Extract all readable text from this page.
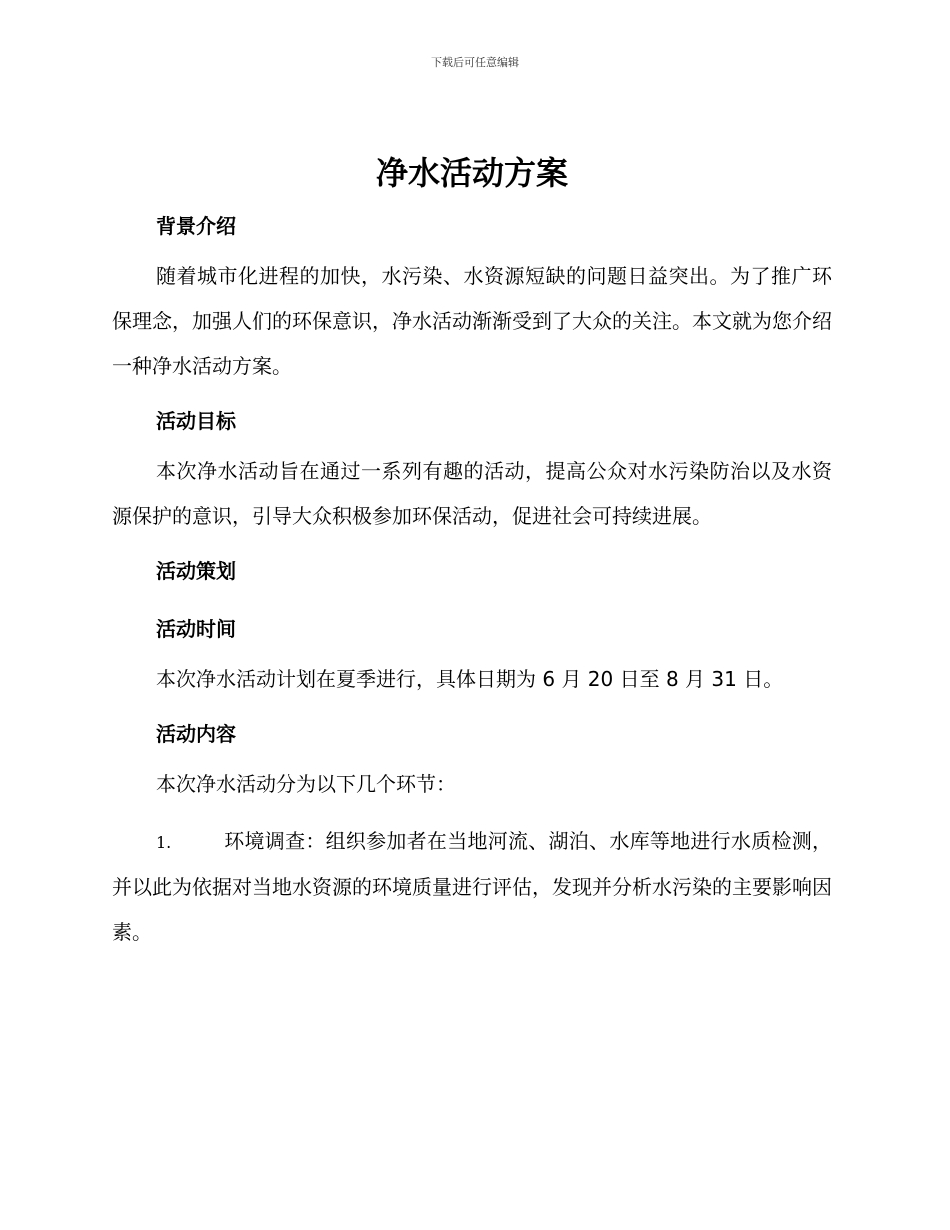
下载后可任意编辑
净水活动方案
背景介绍

随着城市化进程的加快，水污染、水资源短缺的问题日益突出。为了推广环保理念，加强人们的环保意识，净水活动渐渐受到了大众的关注。本文就为您介绍一种净水活动方案。

活动目标

本次净水活动旨在通过一系列有趣的活动，提高公众对水污染防治以及水资源保护的意识，引导大众积极参加环保活动，促进社会可持续进展。

活动策划
活动时间

本次净水活动计划在夏季进行，具体日期为 6 月 20 日至 8 月 31 日。

活动内容

本次净水活动分为以下几个环节：

1.	环境调查：组织参加者在当地河流、湖泊、水库等地进行水质检测，并以此为依据对当地水资源的环境质量进行评估，发现并分析水污染的主要影响因素。
